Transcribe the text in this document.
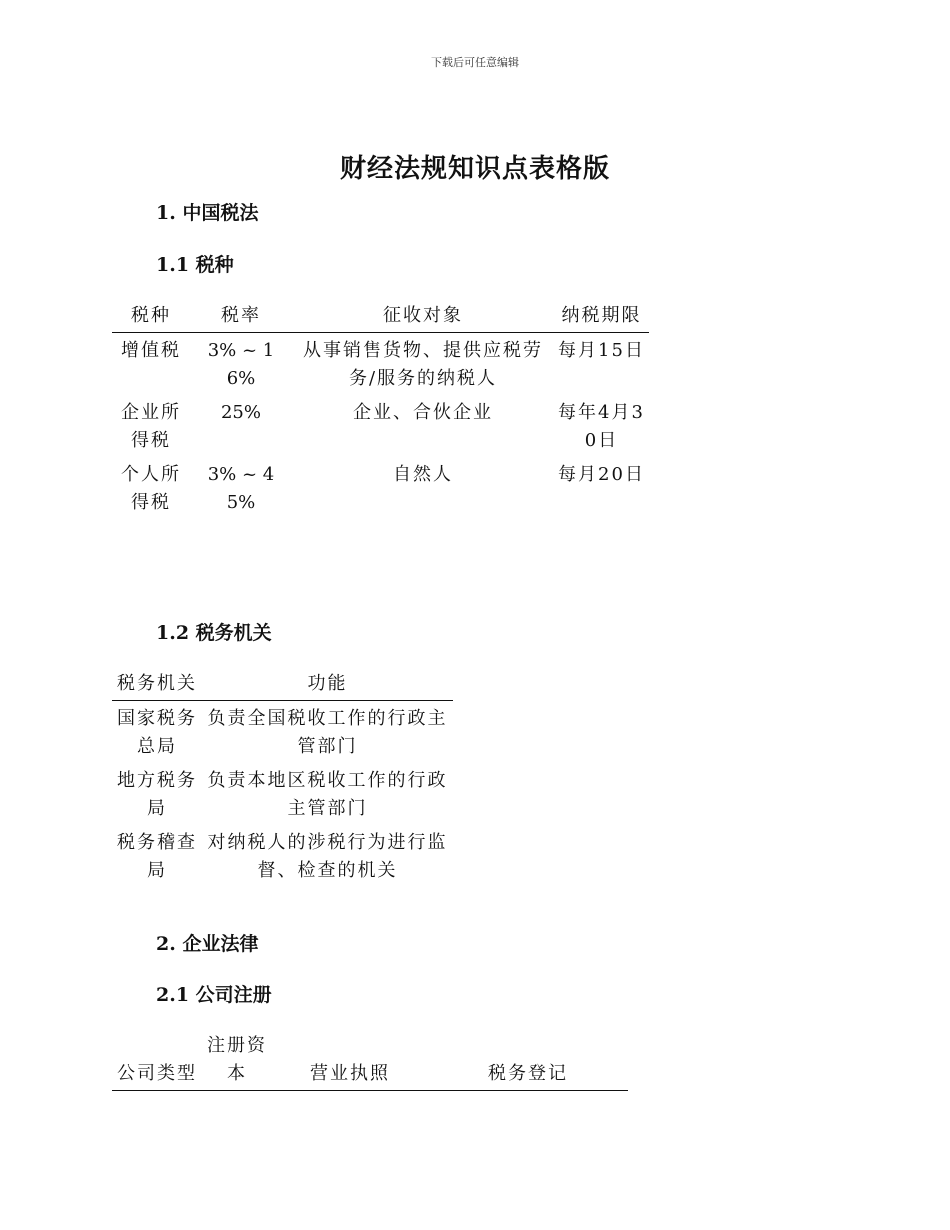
下载后可任意编辑
财经法规知识点表格版
1. 中国税法
1.1 税种
税种	税率	征收对象	纳税期限
增值税	3% ~ 16%	从事销售货物、提供应税劳务/服务的纳税人	每月15日
企业所得税	25%	企业、合伙企业	每年4月30日
个人所得税	3% ~ 45%	自然人	每月20日
1.2 税务机关
税务机关	功能
国家税务总局	负责全国税收工作的行政主管部门
地方税务局	负责本地区税收工作的行政主管部门
税务稽查局	对纳税人的涉税行为进行监督、检查的机关
2. 企业法律
2.1 公司注册
公司类型	注册资本	营业执照	税务登记
